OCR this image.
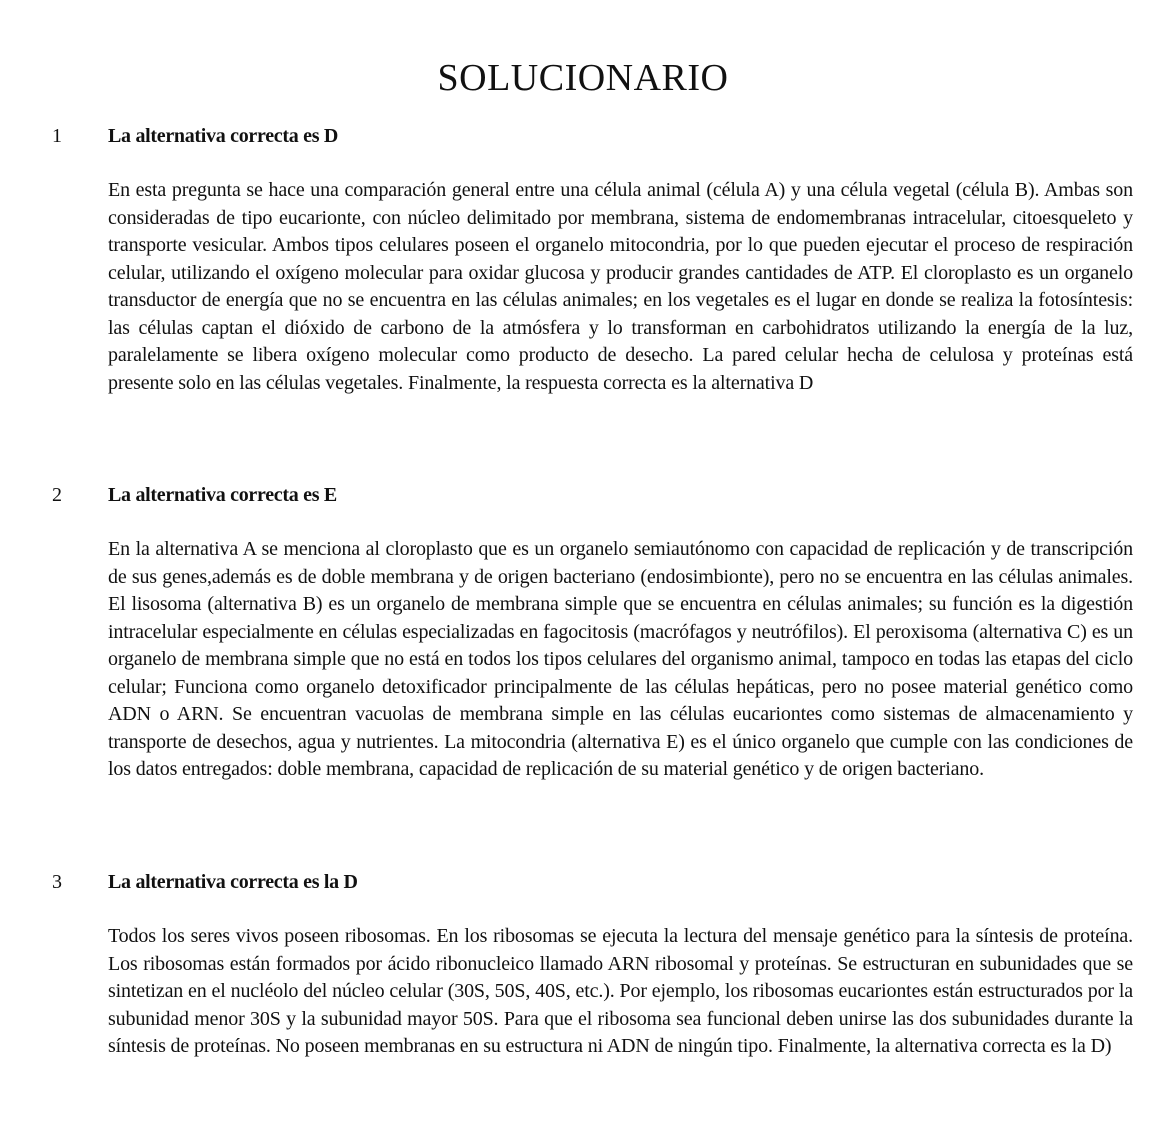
SOLUCIONARIO
1 La alternativa correcta es D

En esta pregunta se hace una comparación general entre una célula animal (célula A) y una célula vegetal (célula B). Ambas son consideradas de tipo eucarionte, con núcleo delimitado por membrana, sistema de endomembranas intracelular, citoesqueleto y transporte vesicular. Ambos tipos celulares poseen el organelo mitocondria, por lo que pueden ejecutar el proceso de respiración celular, utilizando el oxígeno molecular para oxidar glucosa y producir grandes cantidades de ATP. El cloroplasto es un organelo transductor de energía que no se encuentra en las células animales; en los vegetales es el lugar en donde se realiza la fotosíntesis: las células captan el dióxido de carbono de la atmósfera y lo transforman en carbohidratos utilizando la energía de la luz, paralelamente se libera oxígeno molecular como producto de desecho. La pared celular hecha de celulosa y proteínas está presente solo en las células vegetales. Finalmente, la respuesta correcta es la alternativa D

2 La alternativa correcta es E

En la alternativa A se menciona al cloroplasto que es un organelo semiautónomo con capacidad de replicación y de transcripción de sus genes,además es de doble membrana y de origen bacteriano (endosimbionte), pero no se encuentra en las células animales. El lisosoma (alternativa B) es un organelo de membrana simple que se encuentra en células animales; su función es la digestión intracelular especialmente en células especializadas en fagocitosis (macrófagos y neutrófilos). El peroxisoma (alternativa C) es un organelo de membrana simple que no está en todos los tipos celulares del organismo animal, tampoco en todas las etapas del ciclo celular; Funciona como organelo detoxificador principalmente de las células hepáticas, pero no posee material genético como ADN o ARN. Se encuentran vacuolas de membrana simple en las células eucariontes como sistemas de almacenamiento y transporte de desechos, agua y nutrientes. La mitocondria (alternativa E) es el único organelo que cumple con las condiciones de los datos entregados: doble membrana, capacidad de replicación de su material genético y de origen bacteriano.

3 La alternativa correcta es la D

Todos los seres vivos poseen ribosomas. En los ribosomas se ejecuta la lectura del mensaje genético para la síntesis de proteína. Los ribosomas están formados por ácido ribonucleico llamado ARN ribosomal y proteínas. Se estructuran en subunidades que se sintetizan en el nucléolo del núcleo celular (30S, 50S, 40S, etc.). Por ejemplo, los ribosomas eucariontes están estructurados por la subunidad menor 30S y la subunidad mayor 50S. Para que el ribosoma sea funcional deben unirse las dos subunidades durante la síntesis de proteínas. No poseen membranas en su estructura ni ADN de ningún tipo. Finalmente, la alternativa correcta es la D)
